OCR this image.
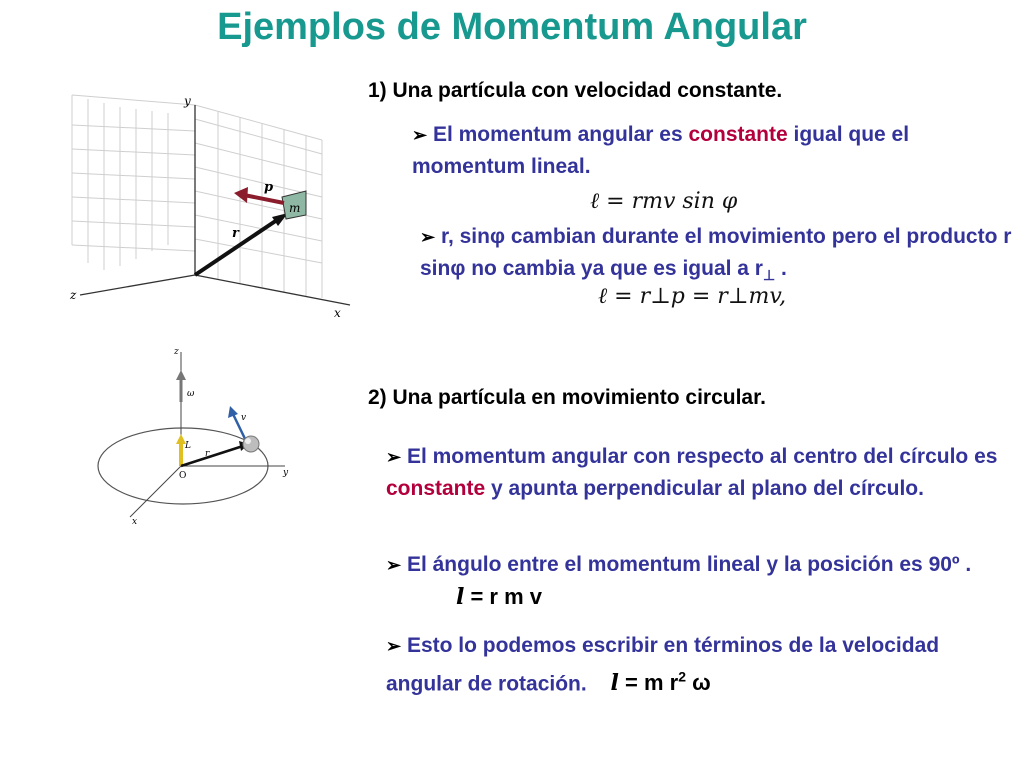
Ejemplos de Momentum Angular
y
z
x
p
m
r
z
ω
L
r
v
O	y
x
1) Una partícula con velocidad constante.
➢ El momentum angular es constante igual que el momentum lineal.
ℓ = rmv sin φ
➢ r, sinφ cambian durante el movimiento pero el producto r sinφ no cambia ya que es igual a $r_\perp$ .
ℓ = r⊥p = r⊥mv,
2) Una partícula en movimiento circular.
➢ El momentum angular con respecto al centro del círculo es constante y apunta perpendicular al plano del círculo.
➢ El ángulo entre el momentum lineal y la posición es 90º . l = r m v
➢ Esto lo podemos escribir en términos de la velocidad angular de rotación. l = m $r^2$ ω
